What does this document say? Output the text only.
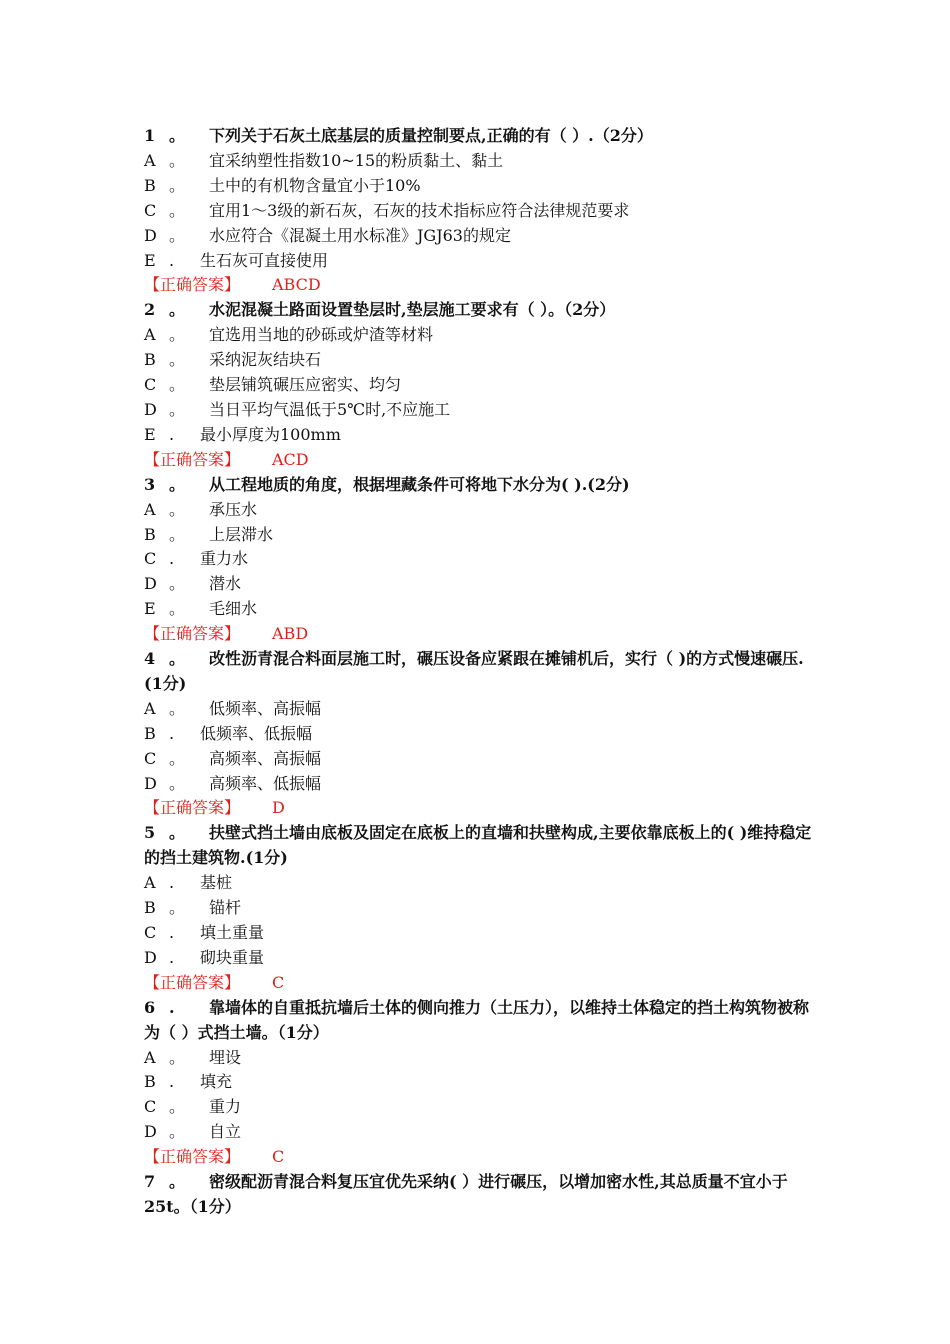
1 。 下列关于石灰土底基层的质量控制要点,正确的有（ ）.（2分）

A 。 宜采纳塑性指数10~15的粉质黏土、黏土

B 。 土中的有机物含量宜小于10%

C 。 宜用1～3级的新石灰，石灰的技术指标应符合法律规范要求

D 。 水应符合《混凝土用水标准》JGJ63的规定

E . 生石灰可直接使用

【正确答案】 ABCD

2 。 水泥混凝土路面设置垫层时,垫层施工要求有（ ）。（2分）

A 。 宜选用当地的砂砾或炉渣等材料

B 。 采纳泥灰结块石

C 。 垫层铺筑碾压应密实、均匀

D 。 当日平均气温低于5℃时,不应施工

E . 最小厚度为100mm

【正确答案】 ACD

3 。 从工程地质的角度，根据埋藏条件可将地下水分为( ).(2分)

A 。 承压水

B 。 上层滞水

C . 重力水

D 。 潜水

E 。 毛细水

【正确答案】 ABD

4 。 改性沥青混合料面层施工时，碾压设备应紧跟在摊铺机后，实行（ )的方式慢速碾压.(1分)

A 。 低频率、高振幅

B . 低频率、低振幅

C 。 高频率、高振幅

D 。 高频率、低振幅

【正确答案】 D

5 。 扶壁式挡土墙由底板及固定在底板上的直墙和扶壁构成,主要依靠底板上的( )维持稳定的挡土建筑物.(1分)

A . 基桩

B 。 锚杆

C . 填土重量

D . 砌块重量

【正确答案】 C

6 . 靠墙体的自重抵抗墙后土体的侧向推力（土压力），以维持土体稳定的挡土构筑物被称为（ ）式挡土墙。（1分）

A 。 埋设

B . 填充

C 。 重力

D 。 自立

【正确答案】 C

7 。 密级配沥青混合料复压宜优先采纳( ）进行碾压，以增加密水性,其总质量不宜小于25t。（1分）
